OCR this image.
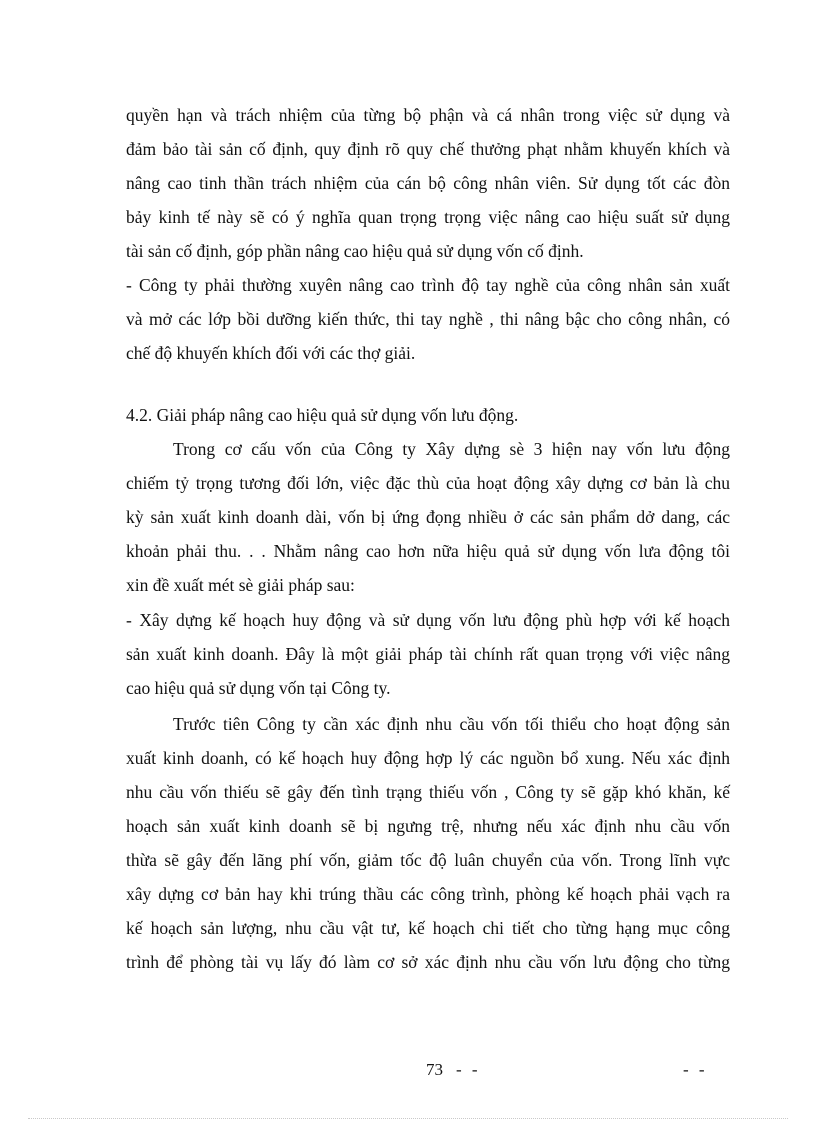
quyền hạn và trách nhiệm của từng bộ phận và cá nhân trong việc sử dụng và
đảm bảo tài sản cố định, quy định rõ quy chế thưởng phạt nhằm khuyến khích và
nâng cao tinh thần trách nhiệm của cán bộ công nhân viên. Sử dụng tốt các đòn
bảy kinh tế này sẽ có ý nghĩa quan trọng trọng việc nâng cao hiệu suất sử dụng
tài sản cố định, góp phần nâng cao hiệu quả sử dụng vốn cố định.
- Công ty phải thường xuyên nâng cao trình độ tay nghề của công nhân sản xuất
và mở các lớp bồi dưỡng kiến thức, thi tay nghề , thi nâng bậc cho công nhân, có
chế độ khuyến khích đối với các thợ giải.
4.2. Giải pháp nâng cao hiệu quả sử dụng vốn lưu động.
Trong cơ cấu vốn của Công ty Xây dựng sè 3 hiện nay vốn lưu động
chiếm tỷ trọng tương đối lớn, việc đặc thù của hoạt động xây dựng cơ bản là chu
kỳ sản xuất kinh doanh dài, vốn bị ứng đọng nhiều ở các sản phẩm dở dang, các
khoản phải thu. . . Nhằm nâng cao hơn nữa hiệu quả sử dụng vốn lưa động tôi
xin đề xuất mét sè giải pháp sau:
- Xây dựng kế hoạch huy động và sử dụng vốn lưu động phù hợp với kế hoạch
sản xuất kinh doanh. Đây là một giải pháp tài chính rất quan trọng với việc nâng
cao hiệu quả sử dụng vốn tại Công ty.
Trước tiên Công ty cần xác định nhu cầu vốn tối thiểu cho hoạt động sản
xuất kinh doanh, có kế hoạch huy động hợp lý các nguồn bổ xung. Nếu xác định
nhu cầu vốn thiếu sẽ gây đến tình trạng thiếu vốn , Công ty sẽ gặp khó khăn, kế
hoạch sản xuất kinh doanh sẽ bị ngưng trệ, nhưng nếu xác định nhu cầu vốn
thừa sẽ gây đến lãng phí vốn, giảm tốc độ luân chuyển của vốn. Trong lĩnh vực
xây dựng cơ bản hay khi trúng thầu các công trình, phòng kế hoạch phải vạch ra
kế hoạch sản lượng, nhu cầu vật tư, kế hoạch chi tiết cho từng hạng mục công
trình để phòng tài vụ lấy đó làm cơ sở xác định nhu cầu vốn lưu động cho từng
73 - -	- -
